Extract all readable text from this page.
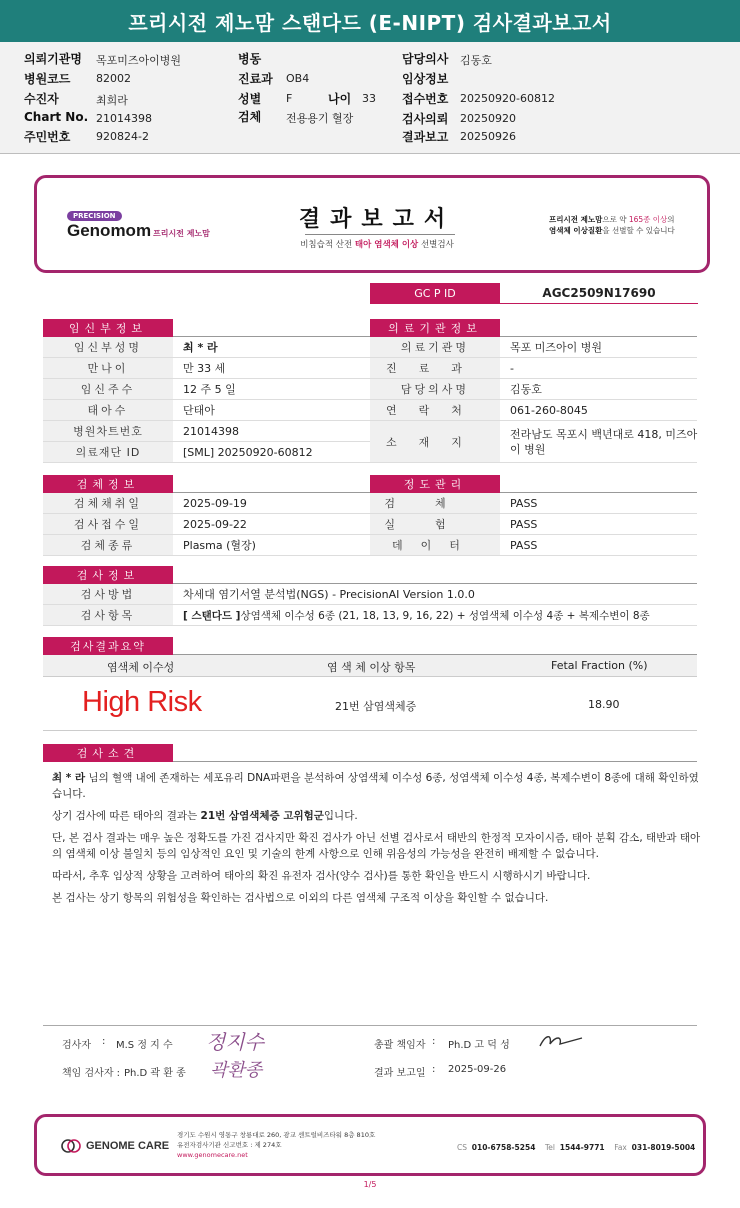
프리시전 제노맘 스탠다드 (E-NIPT) 검사결과보고서
의뢰기관명 목포미즈아이병원
병원코드 82002
수진자	최희라
Chart No. 21014398
주민번호 920824-2
병동
진료과 OB4
성별 F	나이 33
검체 전용용기 혈장
담당의사 김동호
임상정보
접수번호 20250920-60812
검사의뢰 20250920
결과보고 20250926
PRECISION
Genomom 프리시전 제노맘
결과보고서
비침습적 산전 태아 염색체 이상 선별검사
프리시전 제노맘으로 약 165종 이상의
염색체 이상질환을 선별할 수 있습니다
GC P ID	AGC2509N17690
임신부정보
임신부성명	최 * 라
만나이	만 33 세
임신주수	12 주 5 일
태아수	단태아
병원차트번호	21014398
의료재단 ID	[SML] 20250920-60812
의료기관정보
의료기관명	목포 미즈아이 병원
진료과	-
담당의사명	김동호
연락처	061-260-8045
소재지
전라남도 목포시 백년대로 418, 미즈아
이 병원
검체정보
검체채취일	2025-09-19
검사접수일	2025-09-22
검체종류	Plasma (혈장)
정도관리
검체	PASS
실험	PASS
데이터	PASS
검사정보
검사방법	차세대 염기서열 분석법(NGS) - PrecisionAI Version 1.0.0
검사항목	[ 스탠다드 ] 상염색체 이수성 6종 (21, 18, 13, 9, 16, 22) + 성염색체 이수성 4종 + 복제수변이 8종
검사결과요약
염색체 이수성	염 색 체 이상 항목	Fetal Fraction (%)
High Risk	21번 삼염색체증	18.90
검사소견
최 * 라 님의 혈액 내에 존재하는 세포유리 DNA파편을 분석하여 상염색체 이수성 6종, 성염색체 이수성 4종, 복제수변이 8종에 대해 확인하였습니다.
상기 검사에 따른 태아의 결과는 21번 삼염색체증 고위험군입니다.
단, 본 검사 결과는 매우 높은 정확도를 가진 검사지만 확진 검사가 아닌 선별 검사로서 태반의 한정적 모자이시즘, 태아 분획 감소, 태반과 태아의 염색체 이상 불일치 등의 임상적인 요인 및 기술의 한계 사항으로 인해 위음성의 가능성을 완전히 배제할 수 없습니다.
따라서, 추후 임상적 상황을 고려하여 태아의 확진 유전자 검사(양수 검사)를 통한 확인을 반드시 시행하시기 바랍니다.
본 검사는 상기 항목의 위험성을 확인하는 검사법으로 이외의 다른 염색체 구조적 이상을 확인할 수 없습니다.
검사자 : M.S 정 지 수 정지수
책임 검사자 : Ph.D 곽 환 종 곽환종
총괄 책임자 : Ph.D 고 덕 성
결과 보고일 : 2025-09-26
GENOME CARE
경기도 수원시 영통구 창룡대로 260, 광교 센트럴비즈타워 8층 810호
유전자검사기관 신고번호 : 제 274호
www.genomecare.net
CS 010-6758-5254 Tel 1544-9771 Fax 031-8019-5004
1/5
